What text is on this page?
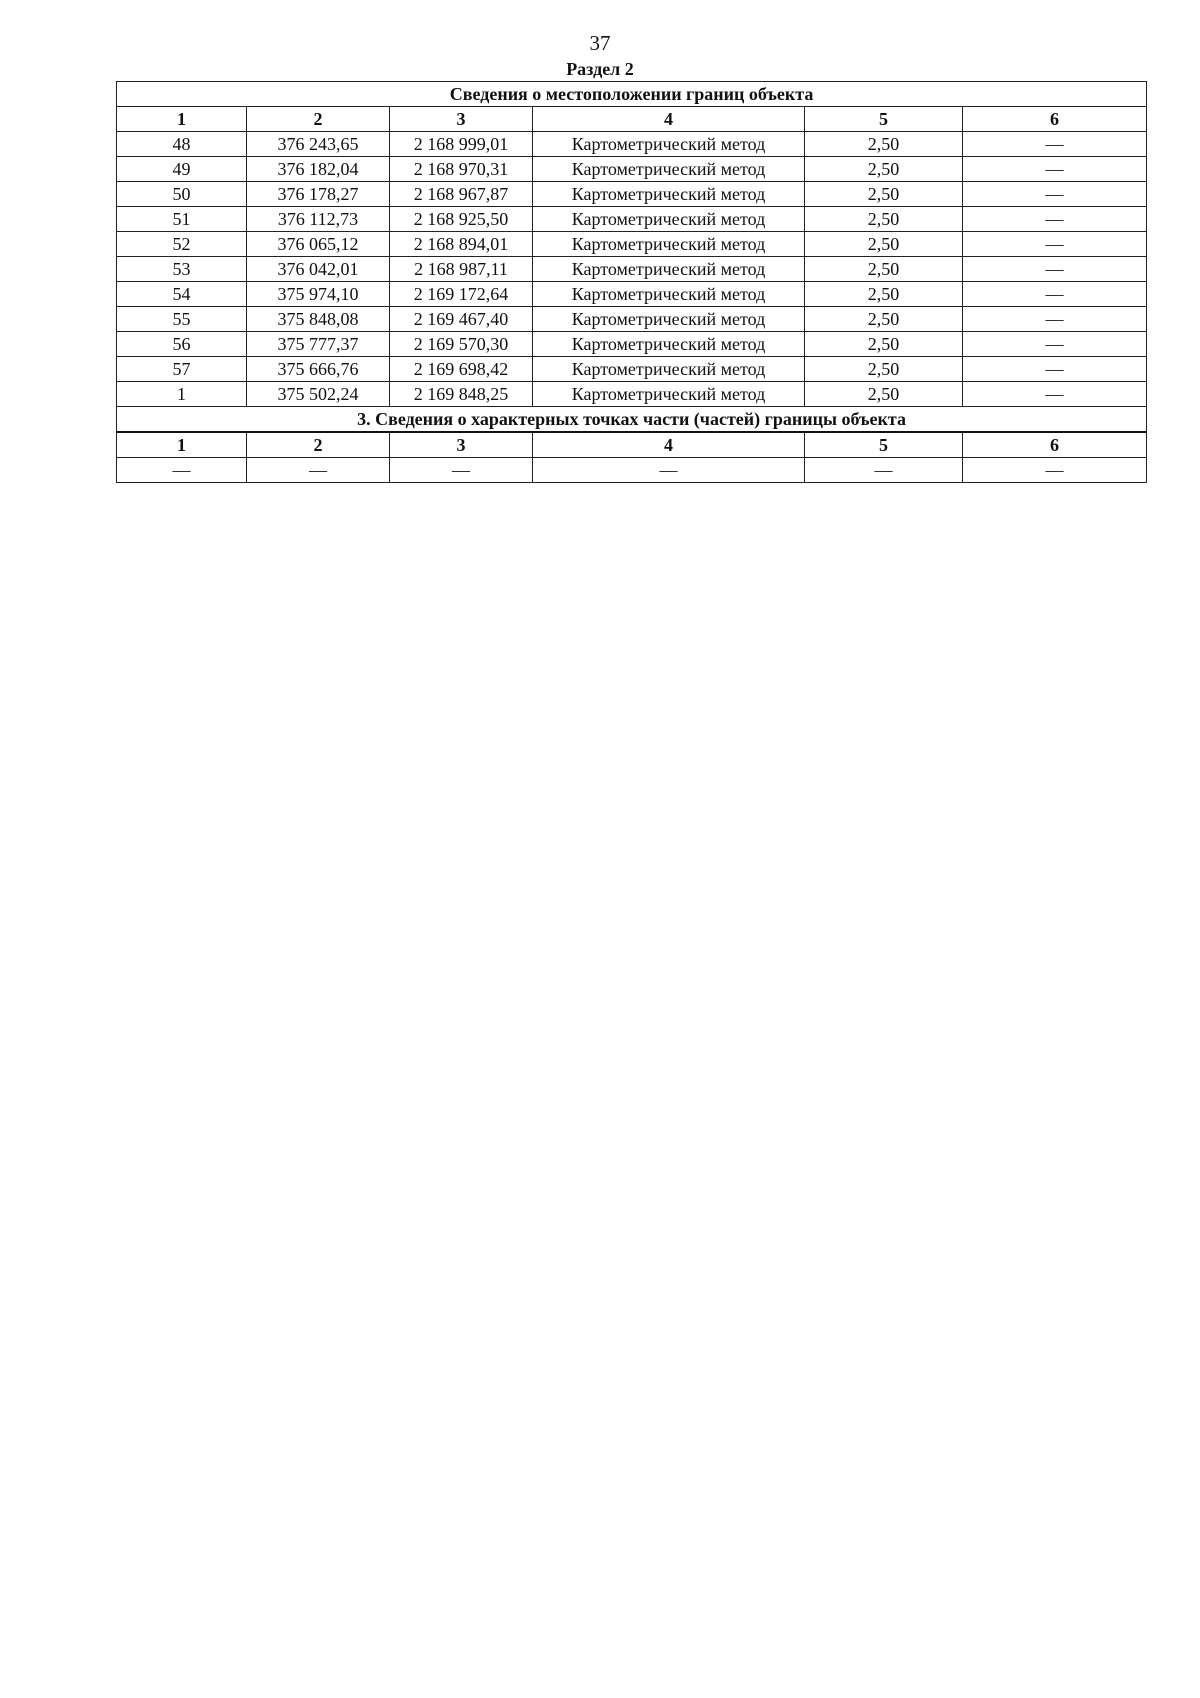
37
Раздел 2
Сведения о местоположении границ объекта					
1	2	3	4	5	6
48	376 243,65	2 168 999,01	Картометрический метод	2,50	—
49	376 182,04	2 168 970,31	Картометрический метод	2,50	—
50	376 178,27	2 168 967,87	Картометрический метод	2,50	—
51	376 112,73	2 168 925,50	Картометрический метод	2,50	—
52	376 065,12	2 168 894,01	Картометрический метод	2,50	—
53	376 042,01	2 168 987,11	Картометрический метод	2,50	—
54	375 974,10	2 169 172,64	Картометрический метод	2,50	—
55	375 848,08	2 169 467,40	Картометрический метод	2,50	—
56	375 777,37	2 169 570,30	Картометрический метод	2,50	—
57	375 666,76	2 169 698,42	Картометрический метод	2,50	—
1	375 502,24	2 169 848,25	Картометрический метод	2,50	—
3. Сведения о характерных точках части (частей) границы объекта					
1	2	3	4	5	6
—	—	—	—	—	—
